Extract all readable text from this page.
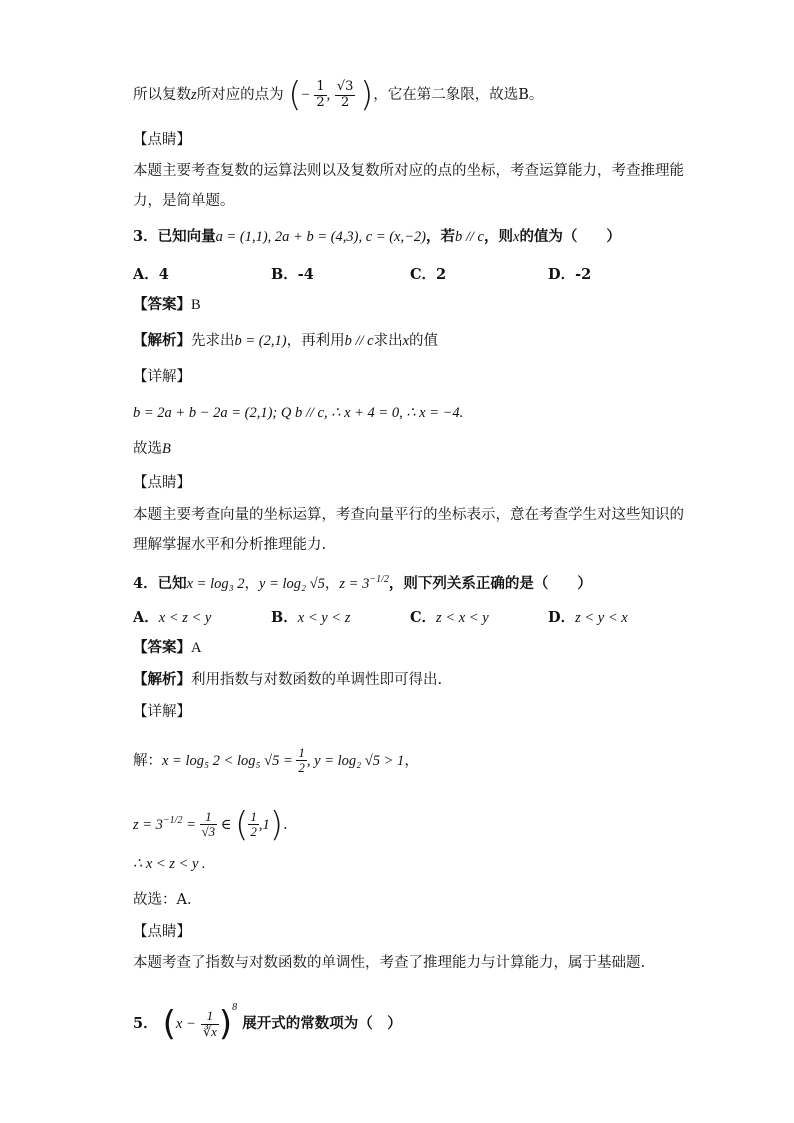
所以复数z所对应的点为 (− $\frac{1}{2}$ , $\frac{√3}{2}$ )，它在第二象限，故选B。
【点睛】
本题主要考查复数的运算法则以及复数所对应的点的坐标，考查运算能力，考查推理能
力，是简单题。
3．已知向量a = (1,1), 2a + b = (4,3), c = (x,−2)，若b // c，则x的值为（　　）
A．4	B．-4	C．2	D．-2
【答案】B
【解析】先求出b = (2,1)，再利用b // c求出x的值
【详解】
b = 2a + b − 2a = (2,1); Q b // c, ∴ x + 4 = 0, ∴ x = −4.
故选B
【点睛】
本题主要考查向量的坐标运算，考查向量平行的坐标表示，意在考查学生对这些知识的
理解掌握水平和分析推理能力.
4．已知x = log₃ 2，y = log₂ √5，$z = 3^{-1/2}$，则下列关系正确的是（　　）
A．x < z < y	B．x < y < z	C．z < x < y	D．z < y < x
【答案】A
【解析】利用指数与对数函数的单调性即可得出.
【详解】
解：x = log₅ 2 < log₅ $√5 = \frac{1}{2}$ , y = log₂ √5 > 1，
$z = 3^{-1/2} = \frac{1}{√3}$ ∈ ( $\frac{1}{2} ,1$).
∴ x < z < y .
故选：A．
【点睛】
本题考查了指数与对数函数的单调性，考查了推理能力与计算能力，属于基础题.
5． $(x - \frac{1}{∛x} )^8$ 展开式的常数项为（　）
